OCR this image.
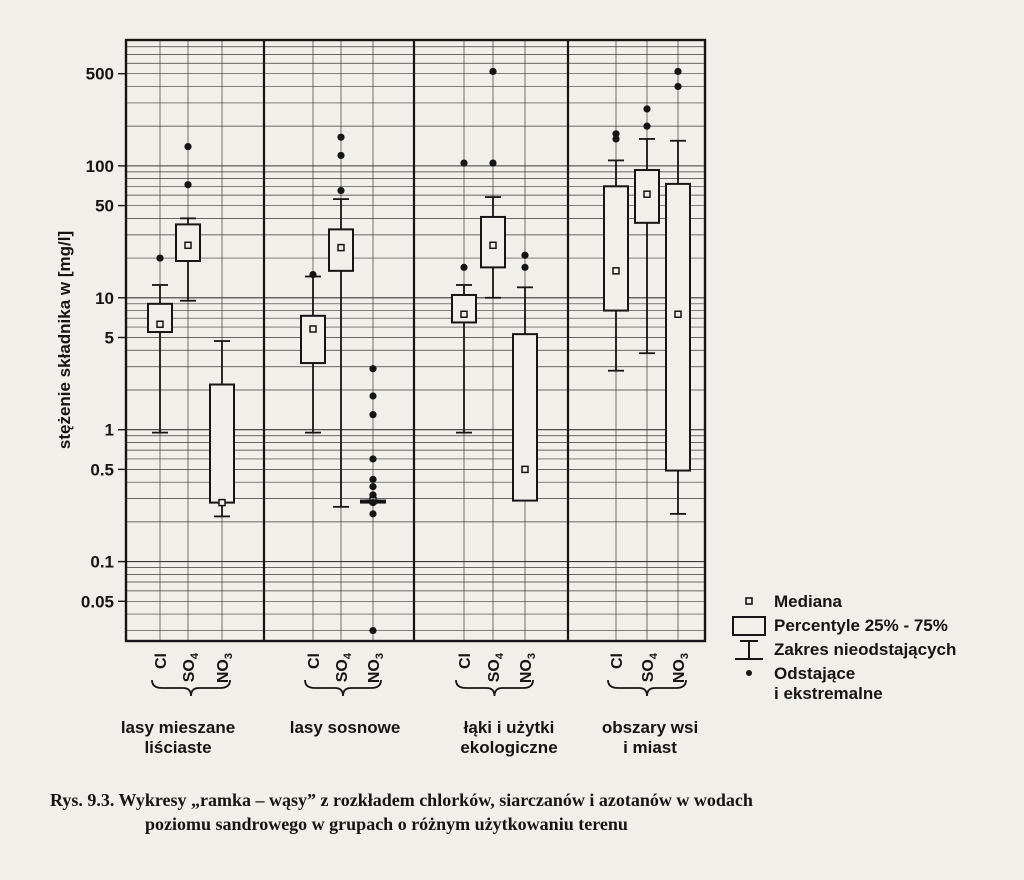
500
100
50
10
5
1
0.5
0.1
0.05
Cl $SO_4$
$NO_3$	Cl $SO_4$
$NO_3$	Cl $SO_4$
$NO_3$	Cl $SO_4$
$NO_3$
stężenie składnika w [mg/l]
lasy mieszane
liściaste
lasy sosnowe	łąki i użytki
ekologiczne
obszary wsi
i miast
Mediana
Percentyle 25% - 75%
Zakres nieodstających
Odstające
i ekstremalne
Rys. 9.3. Wykresy „ramka – wąsy” z rozkładem chlorków, siarczanów i azotanów w wodach
poziomu sandrowego w grupach o różnym użytkowaniu terenu
